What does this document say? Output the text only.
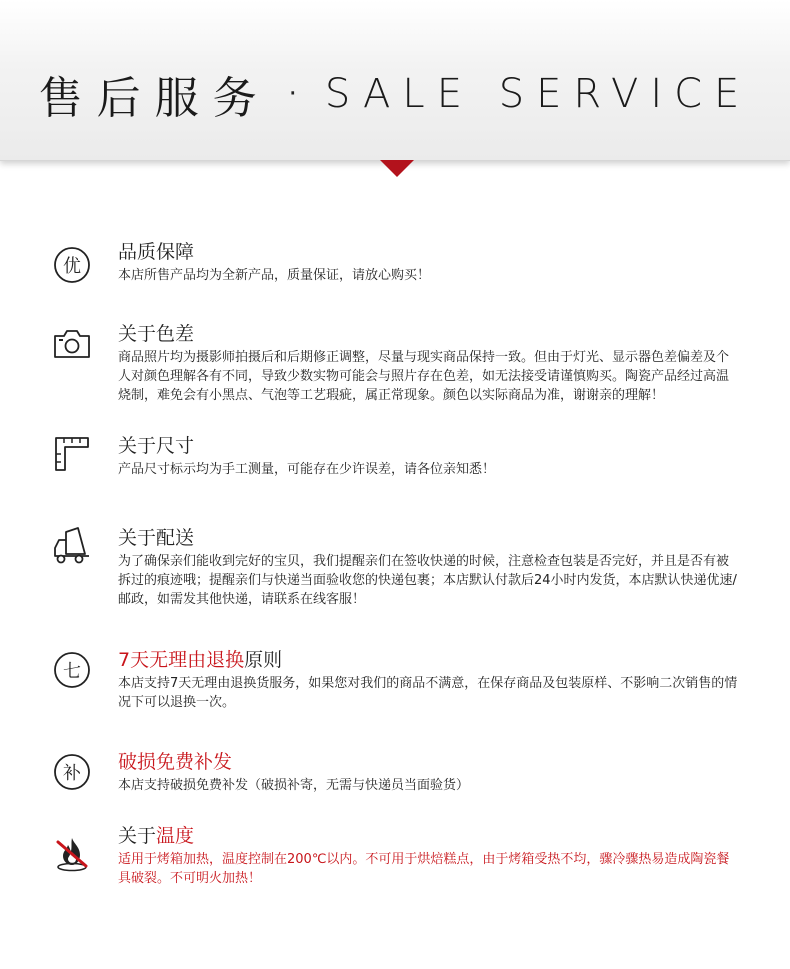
售后服务 · SALE SERVICE
优
品质保障
本店所售产品均为全新产品，质量保证，请放心购买！
关于色差
商品照片均为摄影师拍摄后和后期修正调整，尽量与现实商品保持一致。但由于灯光、显示器色差偏差及个人对颜色理解各有不同，导致少数实物可能会与照片存在色差，如无法接受请谨慎购买。陶瓷产品经过高温烧制，难免会有小黑点、气泡等工艺瑕疵，属正常现象。颜色以实际商品为准，谢谢亲的理解！
关于尺寸
产品尺寸标示均为手工测量，可能存在少许误差，请各位亲知悉！
关于配送
为了确保亲们能收到完好的宝贝，我们提醒亲们在签收快递的时候，注意检查包装是否完好，并且是否有被拆过的痕迹哦；提醒亲们与快递当面验收您的快递包裹；本店默认付款后24小时内发货，本店默认快递优速/邮政，如需发其他快递，请联系在线客服！
七
7天无理由退换原则
本店支持7天无理由退换货服务，如果您对我们的商品不满意，在保存商品及包装原样、不影响二次销售的情况下可以退换一次。
补
破损免费补发
本店支持破损免费补发（破损补寄，无需与快递员当面验货）
关于温度
适用于烤箱加热，温度控制在200℃以内。不可用于烘焙糕点，由于烤箱受热不均，骤冷骤热易造成陶瓷餐具破裂。不可明火加热！
